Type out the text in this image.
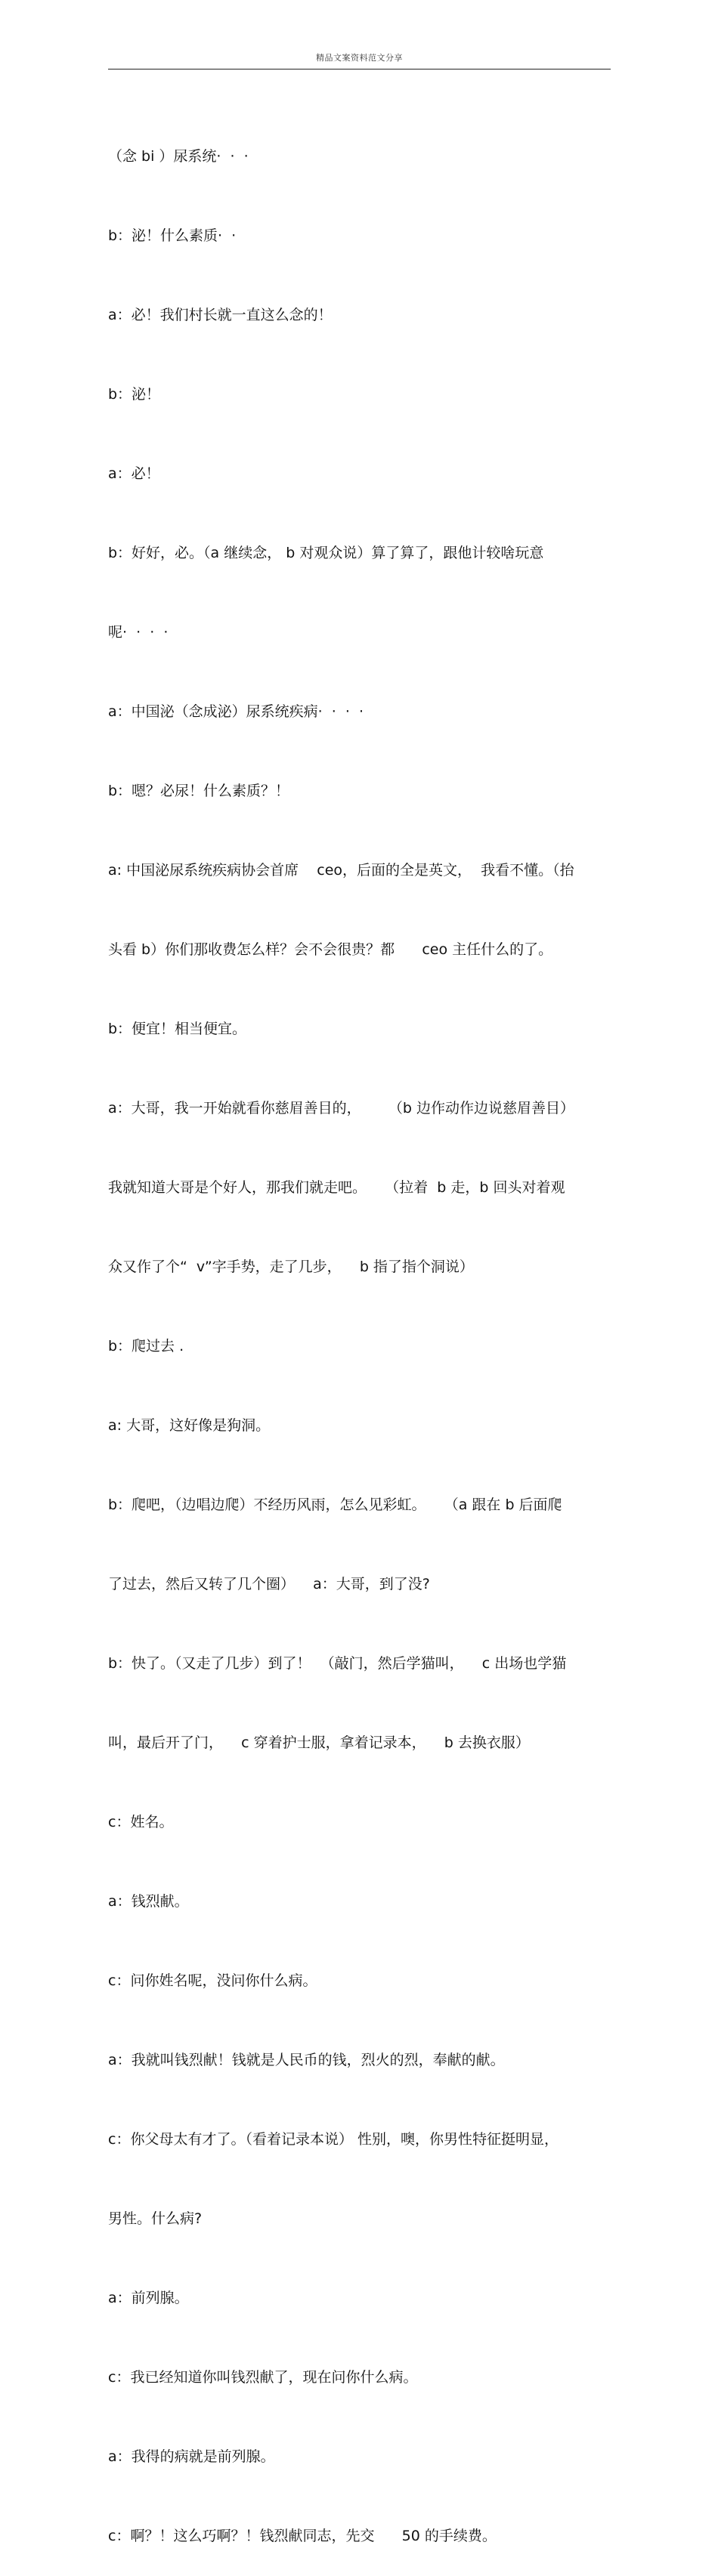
精品文案资料范文分享

（念 bi ）尿系统·  ·  ·

b：泌！什么素质·  ·

a：必！我们村长就一直这么念的！

b：泌！

a：必！

b：好好，必。（a 继续念， b 对观众说）算了算了，跟他计较啥玩意

呢·  ·  ·  ·

a：中国泌（念成泌）尿系统疾病·  ·  ·  ·

b：嗯？必尿！什么素质？！

a: 中国泌尿系统疾病协会首席    ceo，后面的全是英文，  我看不懂。（抬

头看 b）你们那收费怎么样？会不会很贵？都      ceo 主任什么的了。

b：便宜！相当便宜。

a：大哥，我一开始就看你慈眉善目的，      （b 边作动作边说慈眉善目）

我就知道大哥是个好人，那我们就走吧。    （拉着  b 走，b 回头对着观

众又作了个“  v”字手势，走了几步，    b 指了指个洞说）

b：爬过去 .

a: 大哥，这好像是狗洞。

b：爬吧，（边唱边爬）不经历风雨，怎么见彩虹。    （a 跟在 b 后面爬

了过去，然后又转了几个圈）    a：大哥，到了没?

b：快了。（又走了几步）到了！  （敲门，然后学猫叫，    c 出场也学猫

叫，最后开了门，    c 穿着护士服，拿着记录本，    b 去换衣服）

c：姓名。

a：钱烈献。

c：问你姓名呢，没问你什么病。

a：我就叫钱烈献！钱就是人民币的钱，烈火的烈，奉献的献。

c：你父母太有才了。（看着记录本说） 性别，噢，你男性特征挺明显，

男性。什么病?

a：前列腺。

c：我已经知道你叫钱烈献了，现在问你什么病。

a：我得的病就是前列腺。

c：啊？！这么巧啊？！钱烈献同志，先交      50 的手续费。
